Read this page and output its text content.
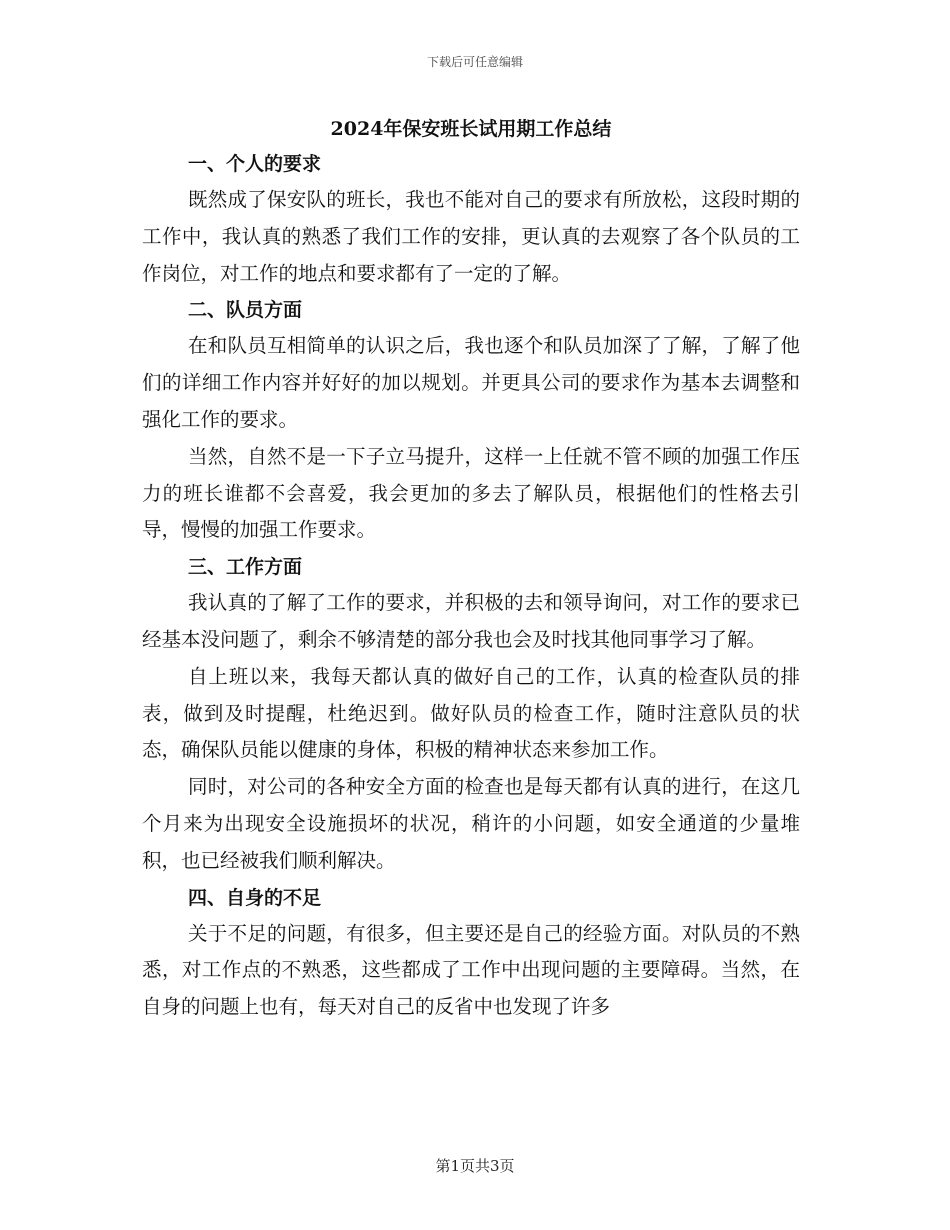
下载后可任意编辑
2024年保安班长试用期工作总结
一、个人的要求

既然成了保安队的班长，我也不能对自己的要求有所放松，这段时期的工作中，我认真的熟悉了我们工作的安排，更认真的去观察了各个队员的工作岗位，对工作的地点和要求都有了一定的了解。

二、队员方面

在和队员互相简单的认识之后，我也逐个和队员加深了了解，了解了他们的详细工作内容并好好的加以规划。并更具公司的要求作为基本去调整和强化工作的要求。

当然，自然不是一下子立马提升，这样一上任就不管不顾的加强工作压力的班长谁都不会喜爱，我会更加的多去了解队员，根据他们的性格去引导，慢慢的加强工作要求。

三、工作方面

我认真的了解了工作的要求，并积极的去和领导询问，对工作的要求已经基本没问题了，剩余不够清楚的部分我也会及时找其他同事学习了解。

自上班以来，我每天都认真的做好自己的工作，认真的检查队员的排表，做到及时提醒，杜绝迟到。做好队员的检查工作，随时注意队员的状态，确保队员能以健康的身体，积极的精神状态来参加工作。

同时，对公司的各种安全方面的检查也是每天都有认真的进行，在这几个月来为出现安全设施损坏的状况，稍许的小问题，如安全通道的少量堆积，也已经被我们顺利解决。

四、自身的不足

关于不足的问题，有很多，但主要还是自己的经验方面。对队员的不熟悉，对工作点的不熟悉，这些都成了工作中出现问题的主要障碍。当然，在自身的问题上也有，每天对自己的反省中也发现了许多

第1页共3页
